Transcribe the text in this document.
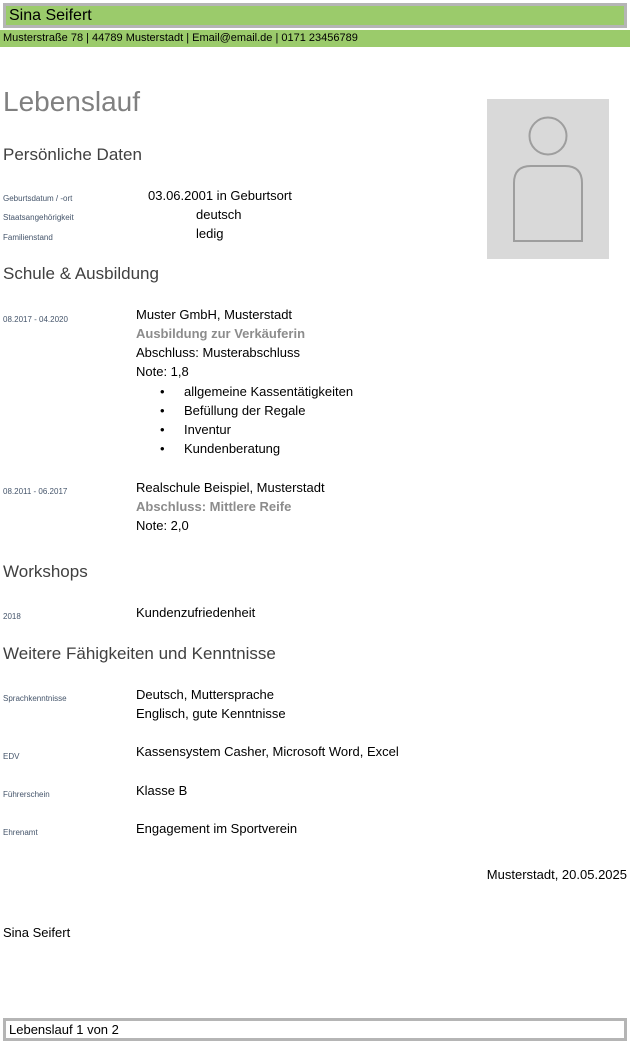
Sina Seifert
Musterstraße 78 | 44789 Musterstadt | Email@email.de | 0171 23456789
Lebenslauf
Persönliche Daten
Geburtsdatum / -ort	03.06.2001 in Geburtsort
Staatsangehörigkeit	deutsch
Familienstand	ledig
Schule & Ausbildung
08.2017 - 04.2020	Muster GmbH, Musterstadt
Ausbildung zur Verkäuferin
Abschluss: Musterabschluss
Note: 1,8
• allgemeine Kassentätigkeiten
• Befüllung der Regale
• Inventur
• Kundenberatung
08.2011 - 06.2017	Realschule Beispiel, Musterstadt
Abschluss: Mittlere Reife
Note: 2,0
Workshops
2018	Kundenzufriedenheit
Weitere Fähigkeiten und Kenntnisse
Sprachkenntnisse	Deutsch, Muttersprache
Englisch, gute Kenntnisse
EDV	Kassensystem Casher, Microsoft Word, Excel
Führerschein	Klasse B
Ehrenamt	Engagement im Sportverein
Musterstadt, 20.05.2025
Sina Seifert
Lebenslauf 1 von 2
